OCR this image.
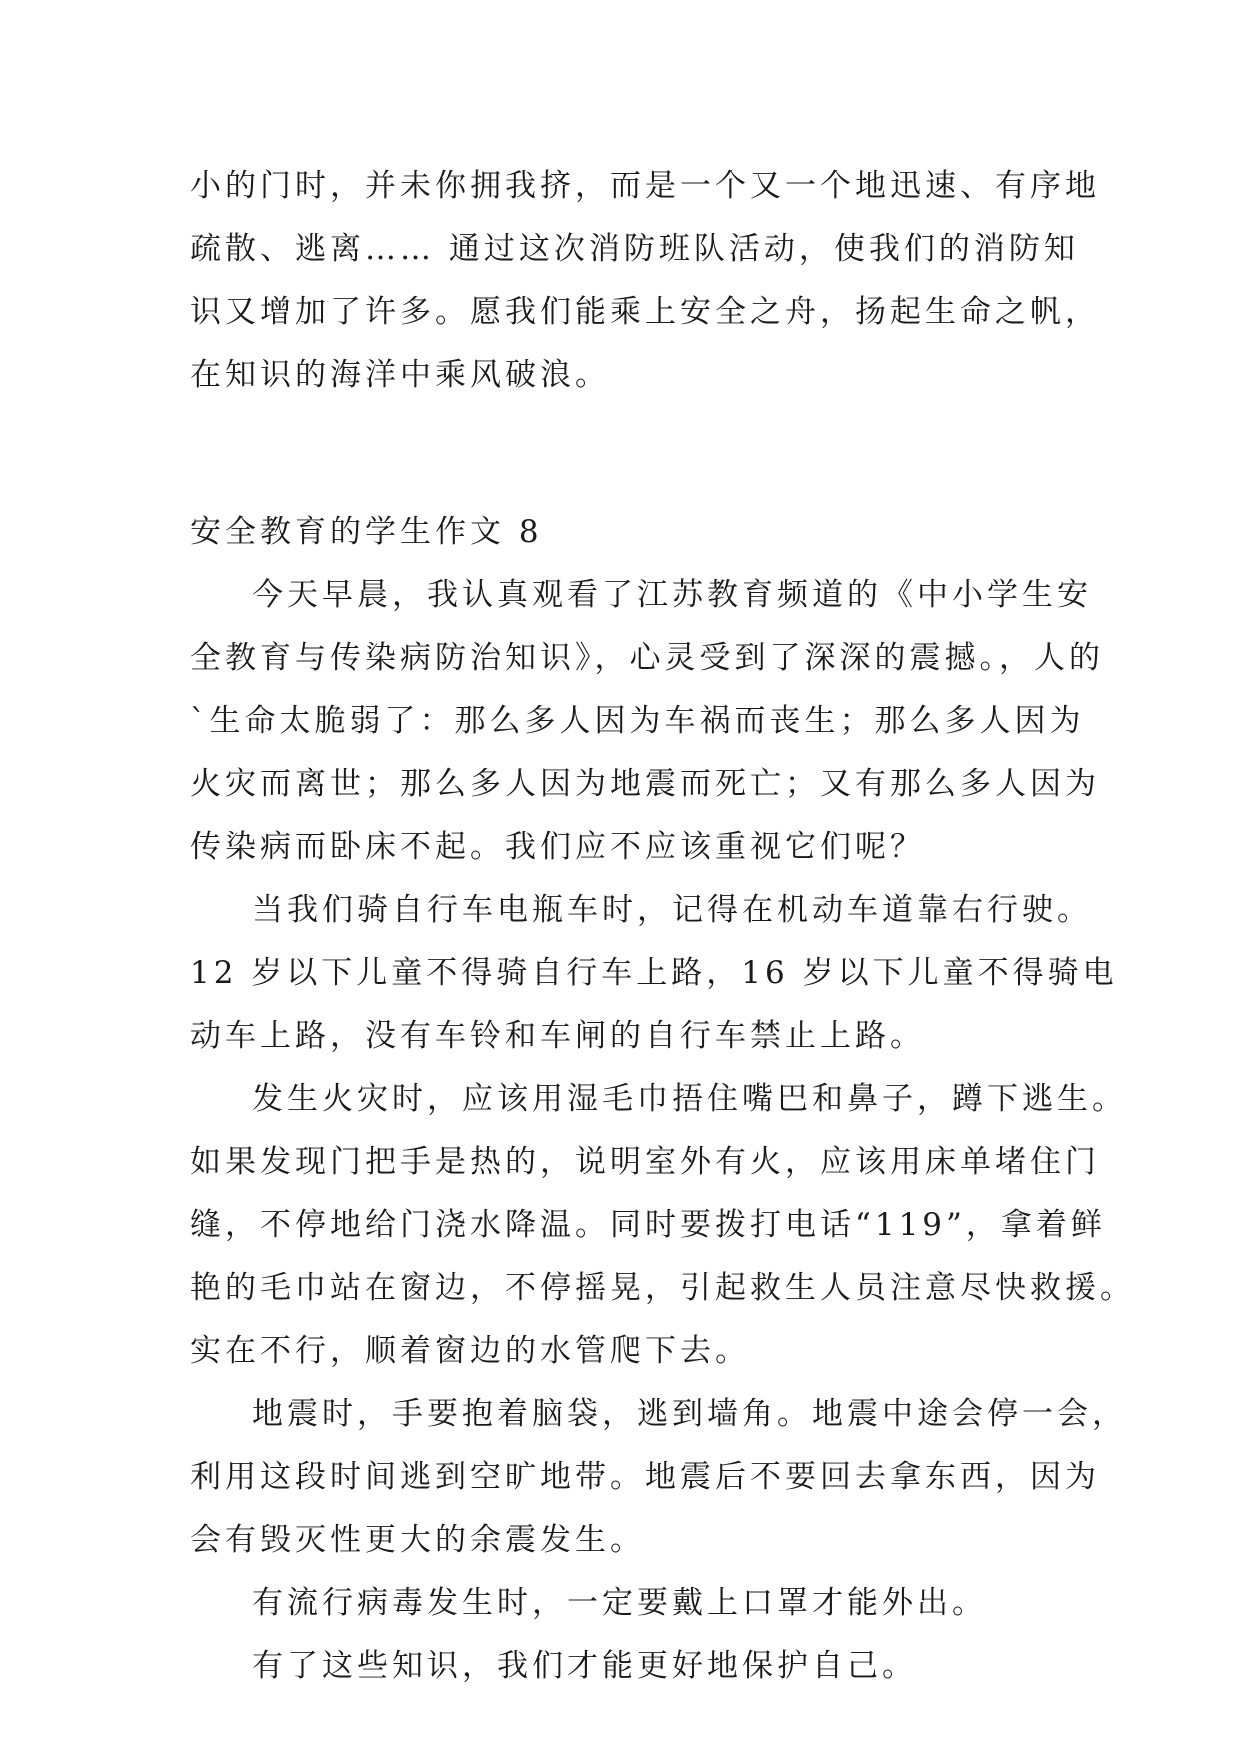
小的门时，并未你拥我挤，而是一个又一个地迅速、有序地
疏散、逃离…… 通过这次消防班队活动，使我们的消防知
识又增加了许多。愿我们能乘上安全之舟，扬起生命之帆，
在知识的海洋中乘风破浪。
安全教育的学生作文 8
今天早晨，我认真观看了江苏教育频道的《中小学生安
全教育与传染病防治知识》，心灵受到了深深的震撼。，人的
`生命太脆弱了：那么多人因为车祸而丧生；那么多人因为
火灾而离世；那么多人因为地震而死亡；又有那么多人因为
传染病而卧床不起。我们应不应该重视它们呢？
当我们骑自行车电瓶车时，记得在机动车道靠右行驶。
12 岁以下儿童不得骑自行车上路，16 岁以下儿童不得骑电
动车上路，没有车铃和车闸的自行车禁止上路。
发生火灾时，应该用湿毛巾捂住嘴巴和鼻子，蹲下逃生。
如果发现门把手是热的，说明室外有火，应该用床单堵住门
缝，不停地给门浇水降温。同时要拨打电话“119”，拿着鲜
艳的毛巾站在窗边，不停摇晃，引起救生人员注意尽快救援。
实在不行，顺着窗边的水管爬下去。
地震时，手要抱着脑袋，逃到墙角。地震中途会停一会，
利用这段时间逃到空旷地带。地震后不要回去拿东西，因为
会有毁灭性更大的余震发生。
有流行病毒发生时，一定要戴上口罩才能外出。
有了这些知识，我们才能更好地保护自己。
